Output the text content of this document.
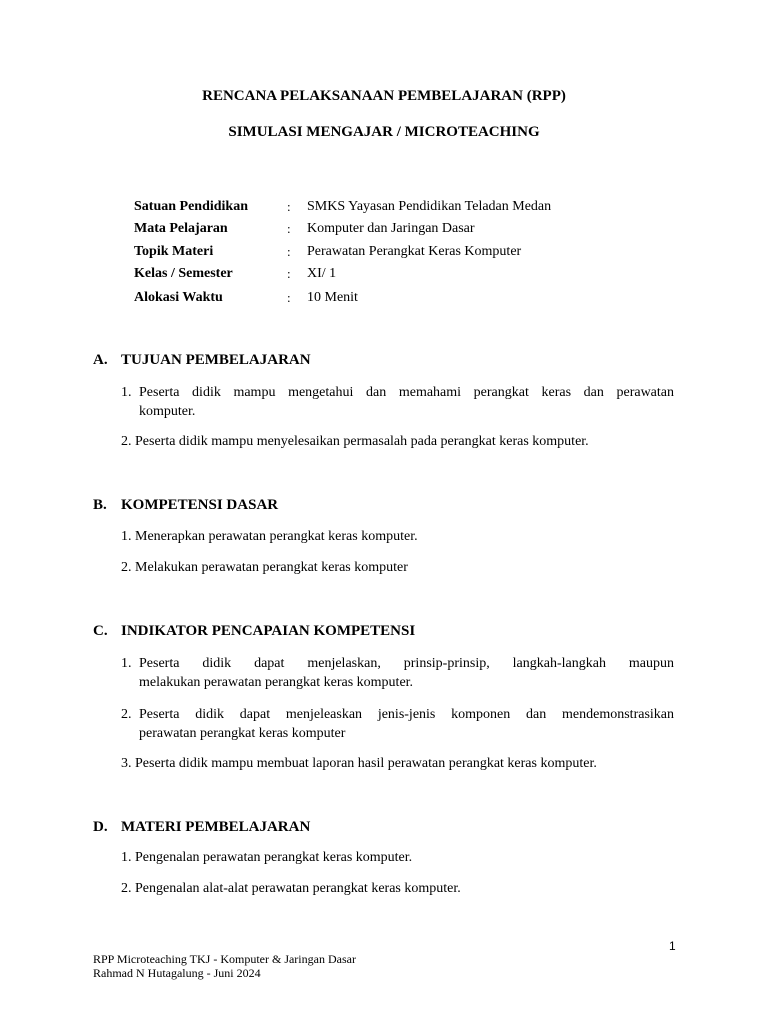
RENCANA PELAKSANAAN PEMBELAJARAN (RPP)
SIMULASI MENGAJAR / MICROTEACHING
Satuan Pendidikan	: SMKS Yayasan Pendidikan Teladan Medan
Mata Pelajaran	: Komputer dan Jaringan Dasar
Topik Materi	: Perawatan Perangkat Keras Komputer
Kelas / Semester	: XI/ 1
Alokasi Waktu	: 10 Menit
A. TUJUAN PEMBELAJARAN
1. Peserta didik mampu mengetahui dan memahami perangkat keras dan perawatan
komputer.
2. Peserta didik mampu menyelesaikan permasalah pada perangkat keras komputer.
B. KOMPETENSI DASAR
1. Menerapkan perawatan perangkat keras komputer.
2. Melakukan perawatan perangkat keras komputer
C. INDIKATOR PENCAPAIAN KOMPETENSI
1. Peserta didik dapat menjelaskan, prinsip-prinsip, langkah-langkah maupun
melakukan perawatan perangkat keras komputer.
2. Peserta didik dapat menjeleaskan jenis-jenis komponen dan mendemonstrasikan
perawatan perangkat keras komputer
3. Peserta didik mampu membuat laporan hasil perawatan perangkat keras komputer.
D. MATERI PEMBELAJARAN
1. Pengenalan perawatan perangkat keras komputer.
2. Pengenalan alat-alat perawatan perangkat keras komputer.
1
RPP Microteaching TKJ - Komputer & Jaringan Dasar
Rahmad N Hutagalung - Juni 2024
